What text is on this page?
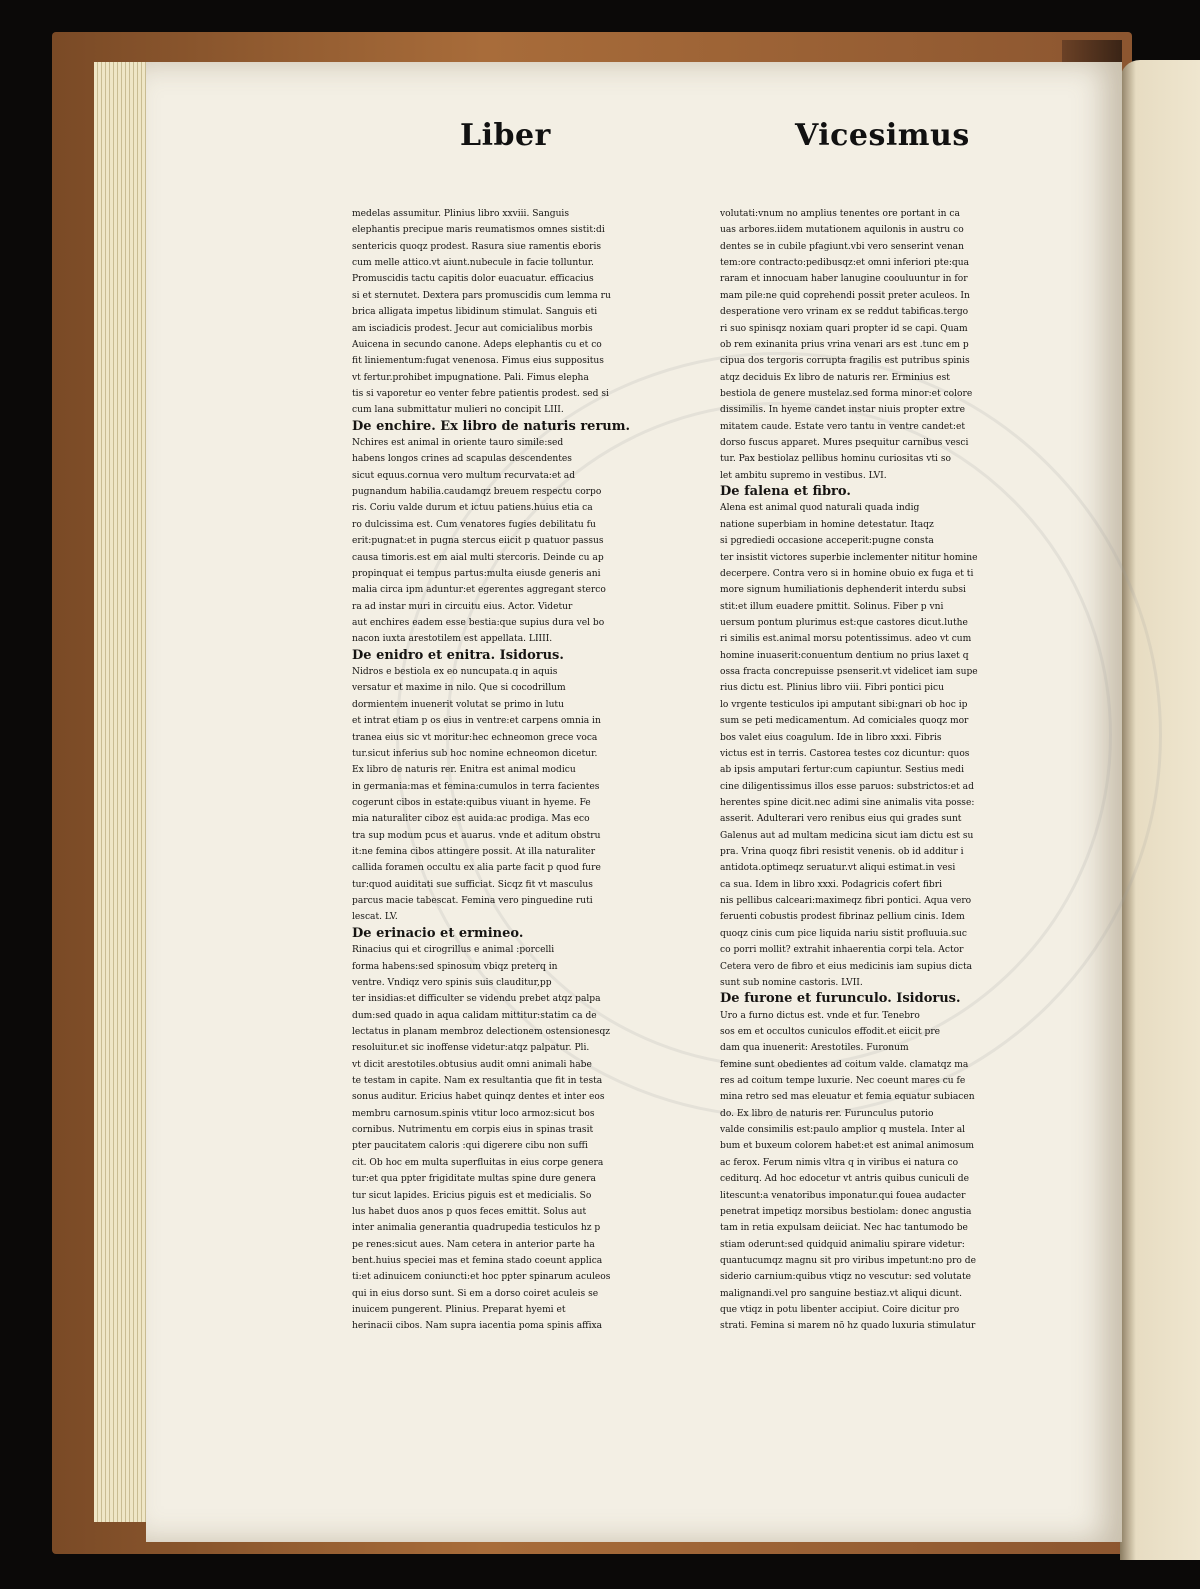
Liber	Vicesimus
medelas assumitur. Plinius libro xxviii. Sanguis
elephantis precipue maris reumatismos omnes sistit:di
sentericis quoqz prodest. Rasura siue ramentis eboris
cum melle attico.vt aiunt.nubecule in facie tolluntur.
Promuscidis tactu capitis dolor euacuatur. efficacius
si et sternutet. Dextera pars promuscidis cum lemma ru
brica alligata impetus libidinum stimulat. Sanguis eti
am isciadicis prodest. Jecur aut comicialibus morbis
Auicena in secundo canone. Adeps elephantis cu et co
fit liniementum:fugat venenosa. Fimus eius suppositus
vt fertur.prohibet impugnatione. Pali. Fimus elepha
tis si vaporetur eo venter febre patientis prodest. sed si
cum lana submittatur mulieri no concipit LIII.
De enchire. Ex libro de naturis rerum.
Nchires est animal in oriente tauro simile:sed
habens longos crines ad scapulas descendentes
sicut equus.cornua vero multum recurvata:et ad
pugnandum habilia.caudamqz breuem respectu corpo
ris. Coriu valde durum et ictuu patiens.huius etia ca
ro dulcissima est. Cum venatores fugies debilitatu fu
erit:pugnat:et in pugna stercus eiicit p quatuor passus
causa timoris.est em aial multi stercoris. Deinde cu ap
propinquat ei tempus partus:multa eiusde generis ani
malia circa ipm aduntur:et egerentes aggregant sterco
ra ad instar muri in circuitu eius. Actor. Videtur
aut enchires eadem esse bestia:que supius dura vel bo
nacon iuxta arestotilem est appellata. LIIII.
De enidro et enitra. Isidorus.
Nidros e bestiola ex eo nuncupata.q in aquis
versatur et maxime in nilo. Que si cocodrillum
dormientem inuenerit volutat se primo in lutu
et intrat etiam p os eius in ventre:et carpens omnia in
tranea eius sic vt moritur:hec echneomon grece voca
tur.sicut inferius sub hoc nomine echneomon dicetur.
Ex libro de naturis rer. Enitra est animal modicu
in germania:mas et femina:cumulos in terra facientes
cogerunt cibos in estate:quibus viuant in hyeme. Fe
mia naturaliter ciboz est auida:ac prodiga. Mas eco
tra sup modum pcus et auarus. vnde et aditum obstru
it:ne femina cibos attingere possit. At illa naturaliter
callida foramen occultu ex alia parte facit p quod fure
tur:quod auiditati sue sufficiat. Sicqz fit vt masculus
parcus macie tabescat. Femina vero pinguedine ruti
lescat. LV.
De erinacio et ermineo.
Rinacius qui et cirogrillus e animal :porcelli
forma habens:sed spinosum vbiqz preterq in
ventre. Vndiqz vero spinis suis clauditur,pp
ter insidias:et difficulter se videndu prebet atqz palpa
dum:sed quado in aqua calidam mittitur:statim ca de
lectatus in planam membroz delectionem ostensionesqz
resoluitur.et sic inoffense videtur:atqz palpatur. Pli.
vt dicit arestotiles.obtusius audit omni animali habe
te testam in capite. Nam ex resultantia que fit in testa
sonus auditur. Ericius habet quinqz dentes et inter eos
membru carnosum.spinis vtitur loco armoz:sicut bos
cornibus. Nutrimentu em corpis eius in spinas trasit
pter paucitatem caloris :qui digerere cibu non suffi
cit. Ob hoc em multa superfluitas in eius corpe genera
tur:et qua ppter frigiditate multas spine dure genera
tur sicut lapides. Ericius piguis est et medicialis. So
lus habet duos anos p quos feces emittit. Solus aut
inter animalia generantia quadrupedia testiculos hz p
pe renes:sicut aues. Nam cetera in anterior parte ha
bent.huius speciei mas et femina stado coeunt applica
ti:et adinuicem coniuncti:et hoc ppter spinarum aculeos
qui in eius dorso sunt. Si em a dorso coiret aculeis se
inuicem pungerent. Plinius. Preparat hyemi et
herinacii cibos. Nam supra iacentia poma spinis affixa
volutati:vnum no amplius tenentes ore portant in ca
uas arbores.iidem mutationem aquilonis in austru co
dentes se in cubile pfagiunt.vbi vero senserint venan
tem:ore contracto:pedibusqz:et omni inferiori pte:qua
raram et innocuam haber lanugine coouluuntur in for
mam pile:ne quid coprehendi possit preter aculeos. In
desperatione vero vrinam ex se reddut tabificas.tergo
ri suo spinisqz noxiam quari propter id se capi. Quam
ob rem exinanita prius vrina venari ars est .tunc em p
cipua dos tergoris corrupta fragilis est putribus spinis
atqz deciduis Ex libro de naturis rer. Erminius est
bestiola de genere mustelaz.sed forma minor:et colore
dissimilis. In hyeme candet instar niuis propter extre
mitatem caude. Estate vero tantu in ventre candet:et
dorso fuscus apparet. Mures psequitur carnibus vesci
tur. Pax bestiolaz pellibus hominu curiositas vti so
let ambitu supremo in vestibus. LVI.
De falena et fibro.
Alena est animal quod naturali quada indig
natione superbiam in homine detestatur. Itaqz
si pgrediedi occasione acceperit:pugne consta
ter insistit victores superbie inclementer nititur homine
decerpere. Contra vero si in homine obuio ex fuga et ti
more signum humiliationis dephenderit interdu subsi
stit:et illum euadere pmittit. Solinus. Fiber p vni
uersum pontum plurimus est:que castores dicut.luthe
ri similis est.animal morsu potentissimus. adeo vt cum
homine inuaserit:conuentum dentium no prius laxet q
ossa fracta concrepuisse psenserit.vt videlicet iam supe
rius dictu est. Plinius libro viii. Fibri pontici picu
lo vrgente testiculos ipi amputant sibi:gnari ob hoc ip
sum se peti medicamentum. Ad comiciales quoqz mor
bos valet eius coagulum. Ide in libro xxxi. Fibris
victus est in terris. Castorea testes coz dicuntur: quos
ab ipsis amputari fertur:cum capiuntur. Sestius medi
cine diligentissimus illos esse paruos: substrictos:et ad
herentes spine dicit.nec adimi sine animalis vita posse:
asserit. Adulterari vero renibus eius qui grades sunt
Galenus aut ad multam medicina sicut iam dictu est su
pra. Vrina quoqz fibri resistit venenis. ob id additur i
antidota.optimeqz seruatur.vt aliqui estimat.in vesi
ca sua. Idem in libro xxxi. Podagricis cofert fibri
nis pellibus calceari:maximeqz fibri pontici. Aqua vero
feruenti cobustis prodest fibrinaz pellium cinis. Idem
quoqz cinis cum pice liquida nariu sistit profluuia.suc
co porri mollit? extrahit inhaerentia corpi tela. Actor
Cetera vero de fibro et eius medicinis iam supius dicta
sunt sub nomine castoris. LVII.
De furone et furunculo. Isidorus.
Uro a furno dictus est. vnde et fur. Tenebro
sos em et occultos cuniculos effodit.et eiicit pre
dam qua inuenerit: Arestotiles. Furonum
femine sunt obedientes ad coitum valde. clamatqz ma
res ad coitum tempe luxurie. Nec coeunt mares cu fe
mina retro sed mas eleuatur et femia equatur subiacen
do. Ex libro de naturis rer. Furunculus putorio
valde consimilis est:paulo amplior q mustela. Inter al
bum et buxeum colorem habet:et est animal animosum
ac ferox. Ferum nimis vltra q in viribus ei natura co
cediturq. Ad hoc edocetur vt antris quibus cuniculi de
litescunt:a venatoribus imponatur.qui fouea audacter
penetrat impetiqz morsibus bestiolam: donec angustia
tam in retia expulsam deiiciat. Nec hac tantumodo be
stiam oderunt:sed quidquid animaliu spirare videtur:
quantucumqz magnu sit pro viribus impetunt:no pro de
siderio carnium:quibus vtiqz no vescutur: sed volutate
malignandi.vel pro sanguine bestiaz.vt aliqui dicunt.
que vtiqz in potu libenter accipiut. Coire dicitur pro
strati. Femina si marem nō hz quado luxuria stimulatur
